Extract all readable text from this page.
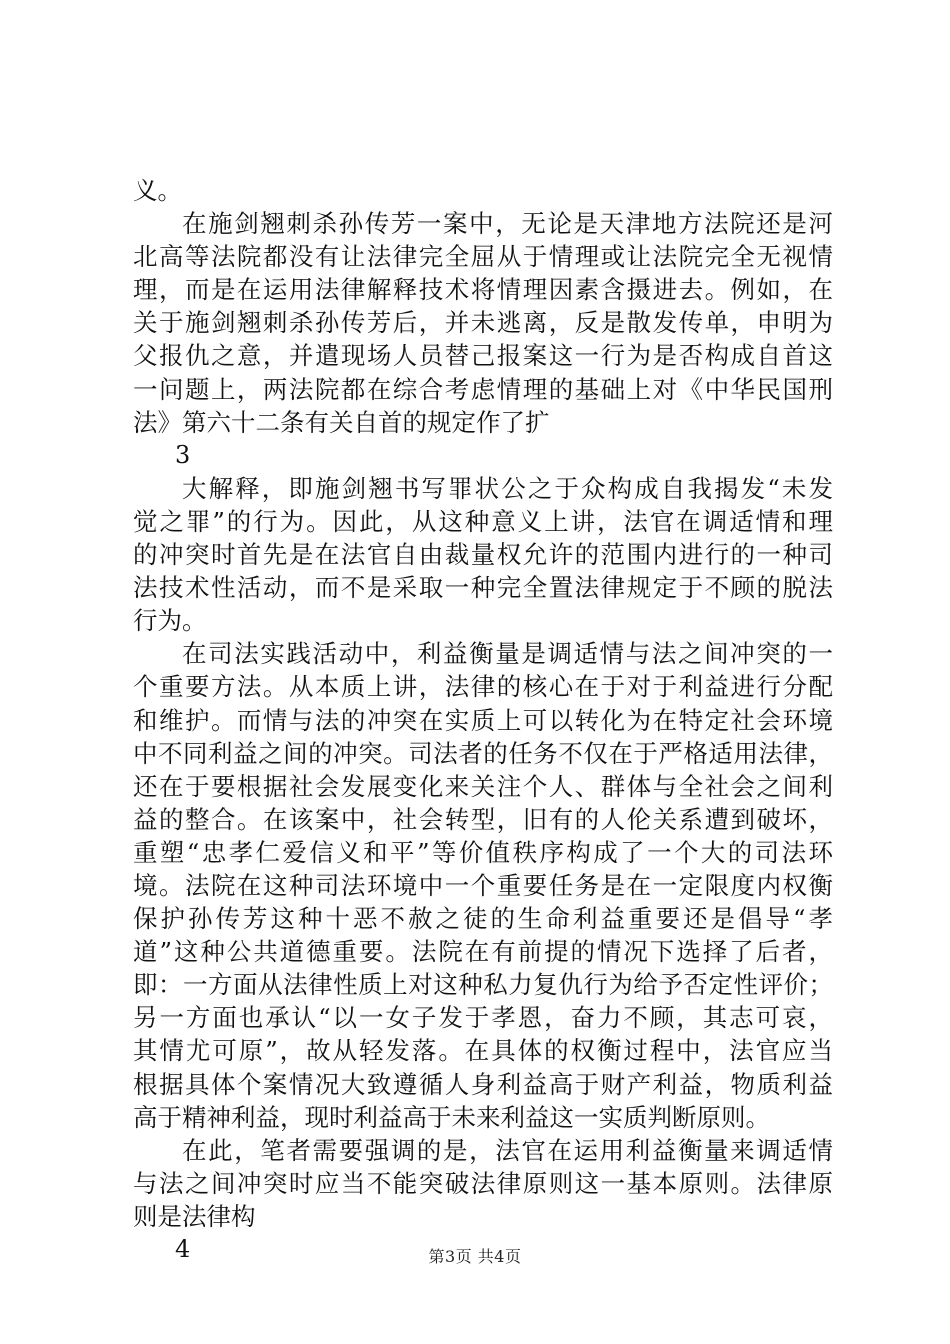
义。
在施剑翘刺杀孙传芳一案中，无论是天津地方法院还是河
北高等法院都没有让法律完全屈从于情理或让法院完全无视情
理，而是在运用法律解释技术将情理因素含摄进去。例如，在
关于施剑翘刺杀孙传芳后，并未逃离，反是散发传单，申明为
父报仇之意，并遣现场人员替己报案这一行为是否构成自首这
一问题上，两法院都在综合考虑情理的基础上对《中华民国刑
法》第六十二条有关自首的规定作了扩
3
大解释，即施剑翘书写罪状公之于众构成自我揭发“未发
觉之罪”的行为。因此，从这种意义上讲，法官在调适情和理
的冲突时首先是在法官自由裁量权允许的范围内进行的一种司
法技术性活动，而不是采取一种完全置法律规定于不顾的脱法
行为。
在司法实践活动中，利益衡量是调适情与法之间冲突的一
个重要方法。从本质上讲，法律的核心在于对于利益进行分配
和维护。而情与法的冲突在实质上可以转化为在特定社会环境
中不同利益之间的冲突。司法者的任务不仅在于严格适用法律，
还在于要根据社会发展变化来关注个人、群体与全社会之间利
益的整合。在该案中，社会转型，旧有的人伦关系遭到破坏，
重塑“忠孝仁爱信义和平”等价值秩序构成了一个大的司法环
境。法院在这种司法环境中一个重要任务是在一定限度内权衡
保护孙传芳这种十恶不赦之徒的生命利益重要还是倡导“孝
道”这种公共道德重要。法院在有前提的情况下选择了后者，
即：一方面从法律性质上对这种私力复仇行为给予否定性评价；
另一方面也承认“以一女子发于孝恩，奋力不顾，其志可哀，
其情尤可原”，故从轻发落。在具体的权衡过程中，法官应当
根据具体个案情况大致遵循人身利益高于财产利益，物质利益
高于精神利益，现时利益高于未来利益这一实质判断原则。
在此，笔者需要强调的是，法官在运用利益衡量来调适情
与法之间冲突时应当不能突破法律原则这一基本原则。法律原
则是法律构
4	第3页 共4页
